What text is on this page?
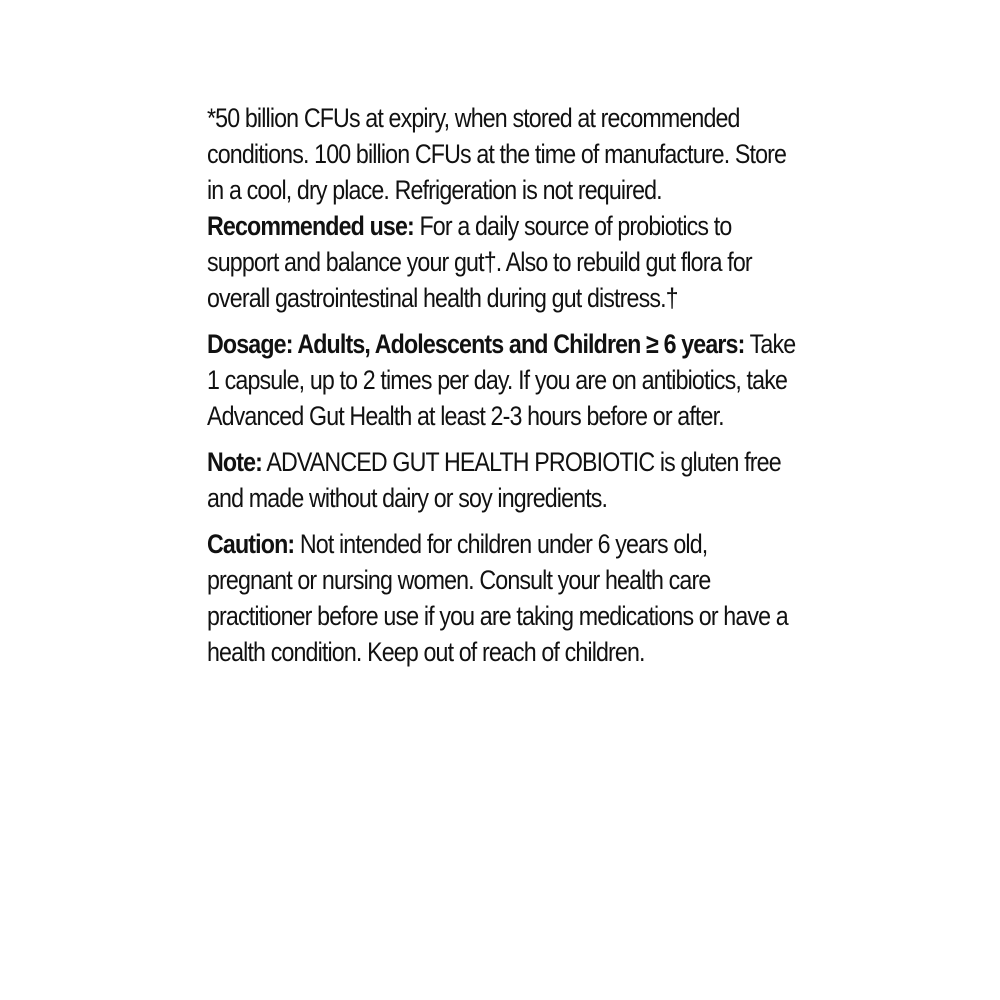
*50 billion CFUs at expiry, when stored at recommended conditions. 100 billion CFUs at the time of manufacture. Store in a cool, dry place. Refrigeration is not required.

Recommended use: For a daily source of probiotics to support and balance your gut†. Also to rebuild gut flora for overall gastrointestinal health during gut distress.†

Dosage: Adults, Adolescents and Children ≥ 6 years: Take 1 capsule, up to 2 times per day. If you are on antibiotics, take Advanced Gut Health at least 2-3 hours before or after.

Note: ADVANCED GUT HEALTH PROBIOTIC is gluten free and made without dairy or soy ingredients.

Caution: Not intended for children under 6 years old, pregnant or nursing women. Consult your health care practitioner before use if you are taking medications or have a health condition. Keep out of reach of children.
